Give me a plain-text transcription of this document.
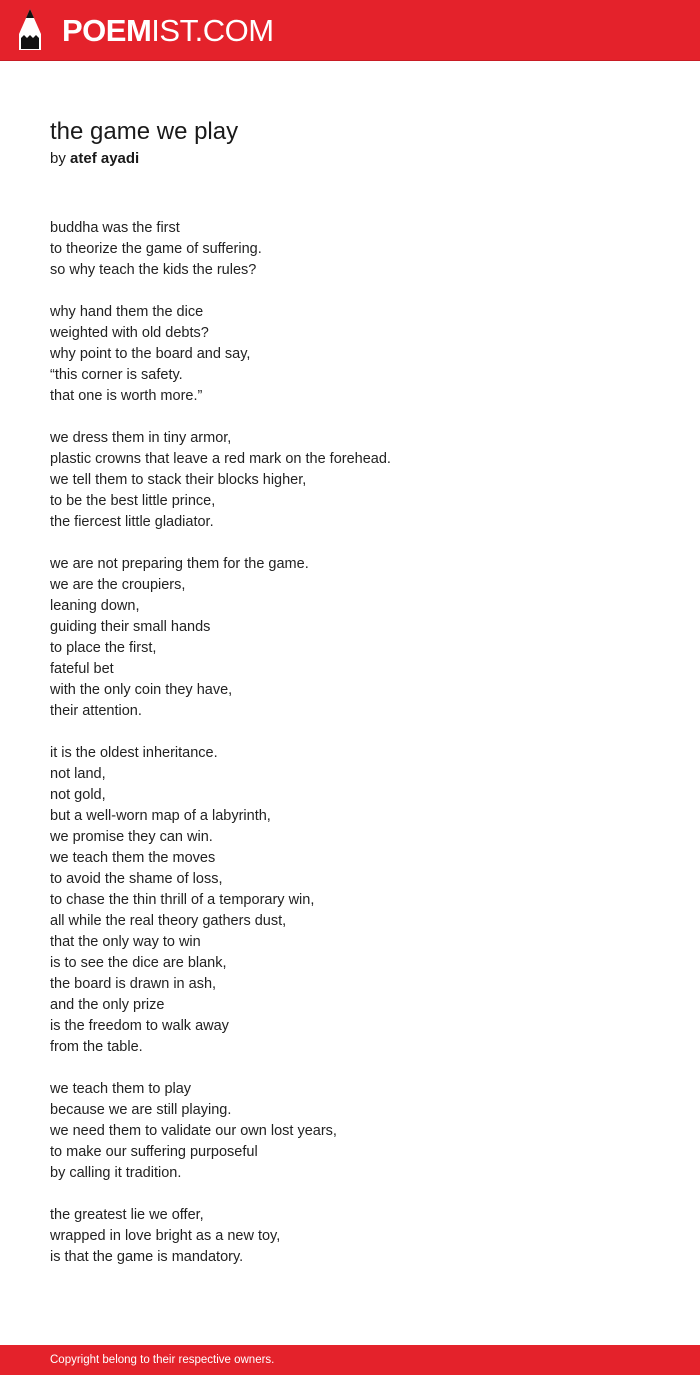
POEMIST.COM
the game we play
by atef ayadi
buddha was the first
to theorize the game of suffering.
so why teach the kids the rules?
why hand them the dice
weighted with old debts?
why point to the board and say,
“this corner is safety.
that one is worth more.”
we dress them in tiny armor,
plastic crowns that leave a red mark on the forehead.
we tell them to stack their blocks higher,
to be the best little prince,
the fiercest little gladiator.
we are not preparing them for the game.
we are the croupiers,
leaning down,
guiding their small hands
to place the first,
fateful bet
with the only coin they have,
their attention.
it is the oldest inheritance.
not land,
not gold,
but a well-worn map of a labyrinth,
we promise they can win.
we teach them the moves
to avoid the shame of loss,
to chase the thin thrill of a temporary win,
all while the real theory gathers dust,
that the only way to win
is to see the dice are blank,
the board is drawn in ash,
and the only prize
is the freedom to walk away
from the table.
we teach them to play
because we are still playing.
we need them to validate our own lost years,
to make our suffering purposeful
by calling it tradition.
the greatest lie we offer,
wrapped in love bright as a new toy,
is that the game is mandatory.
Copyright belong to their respective owners.
